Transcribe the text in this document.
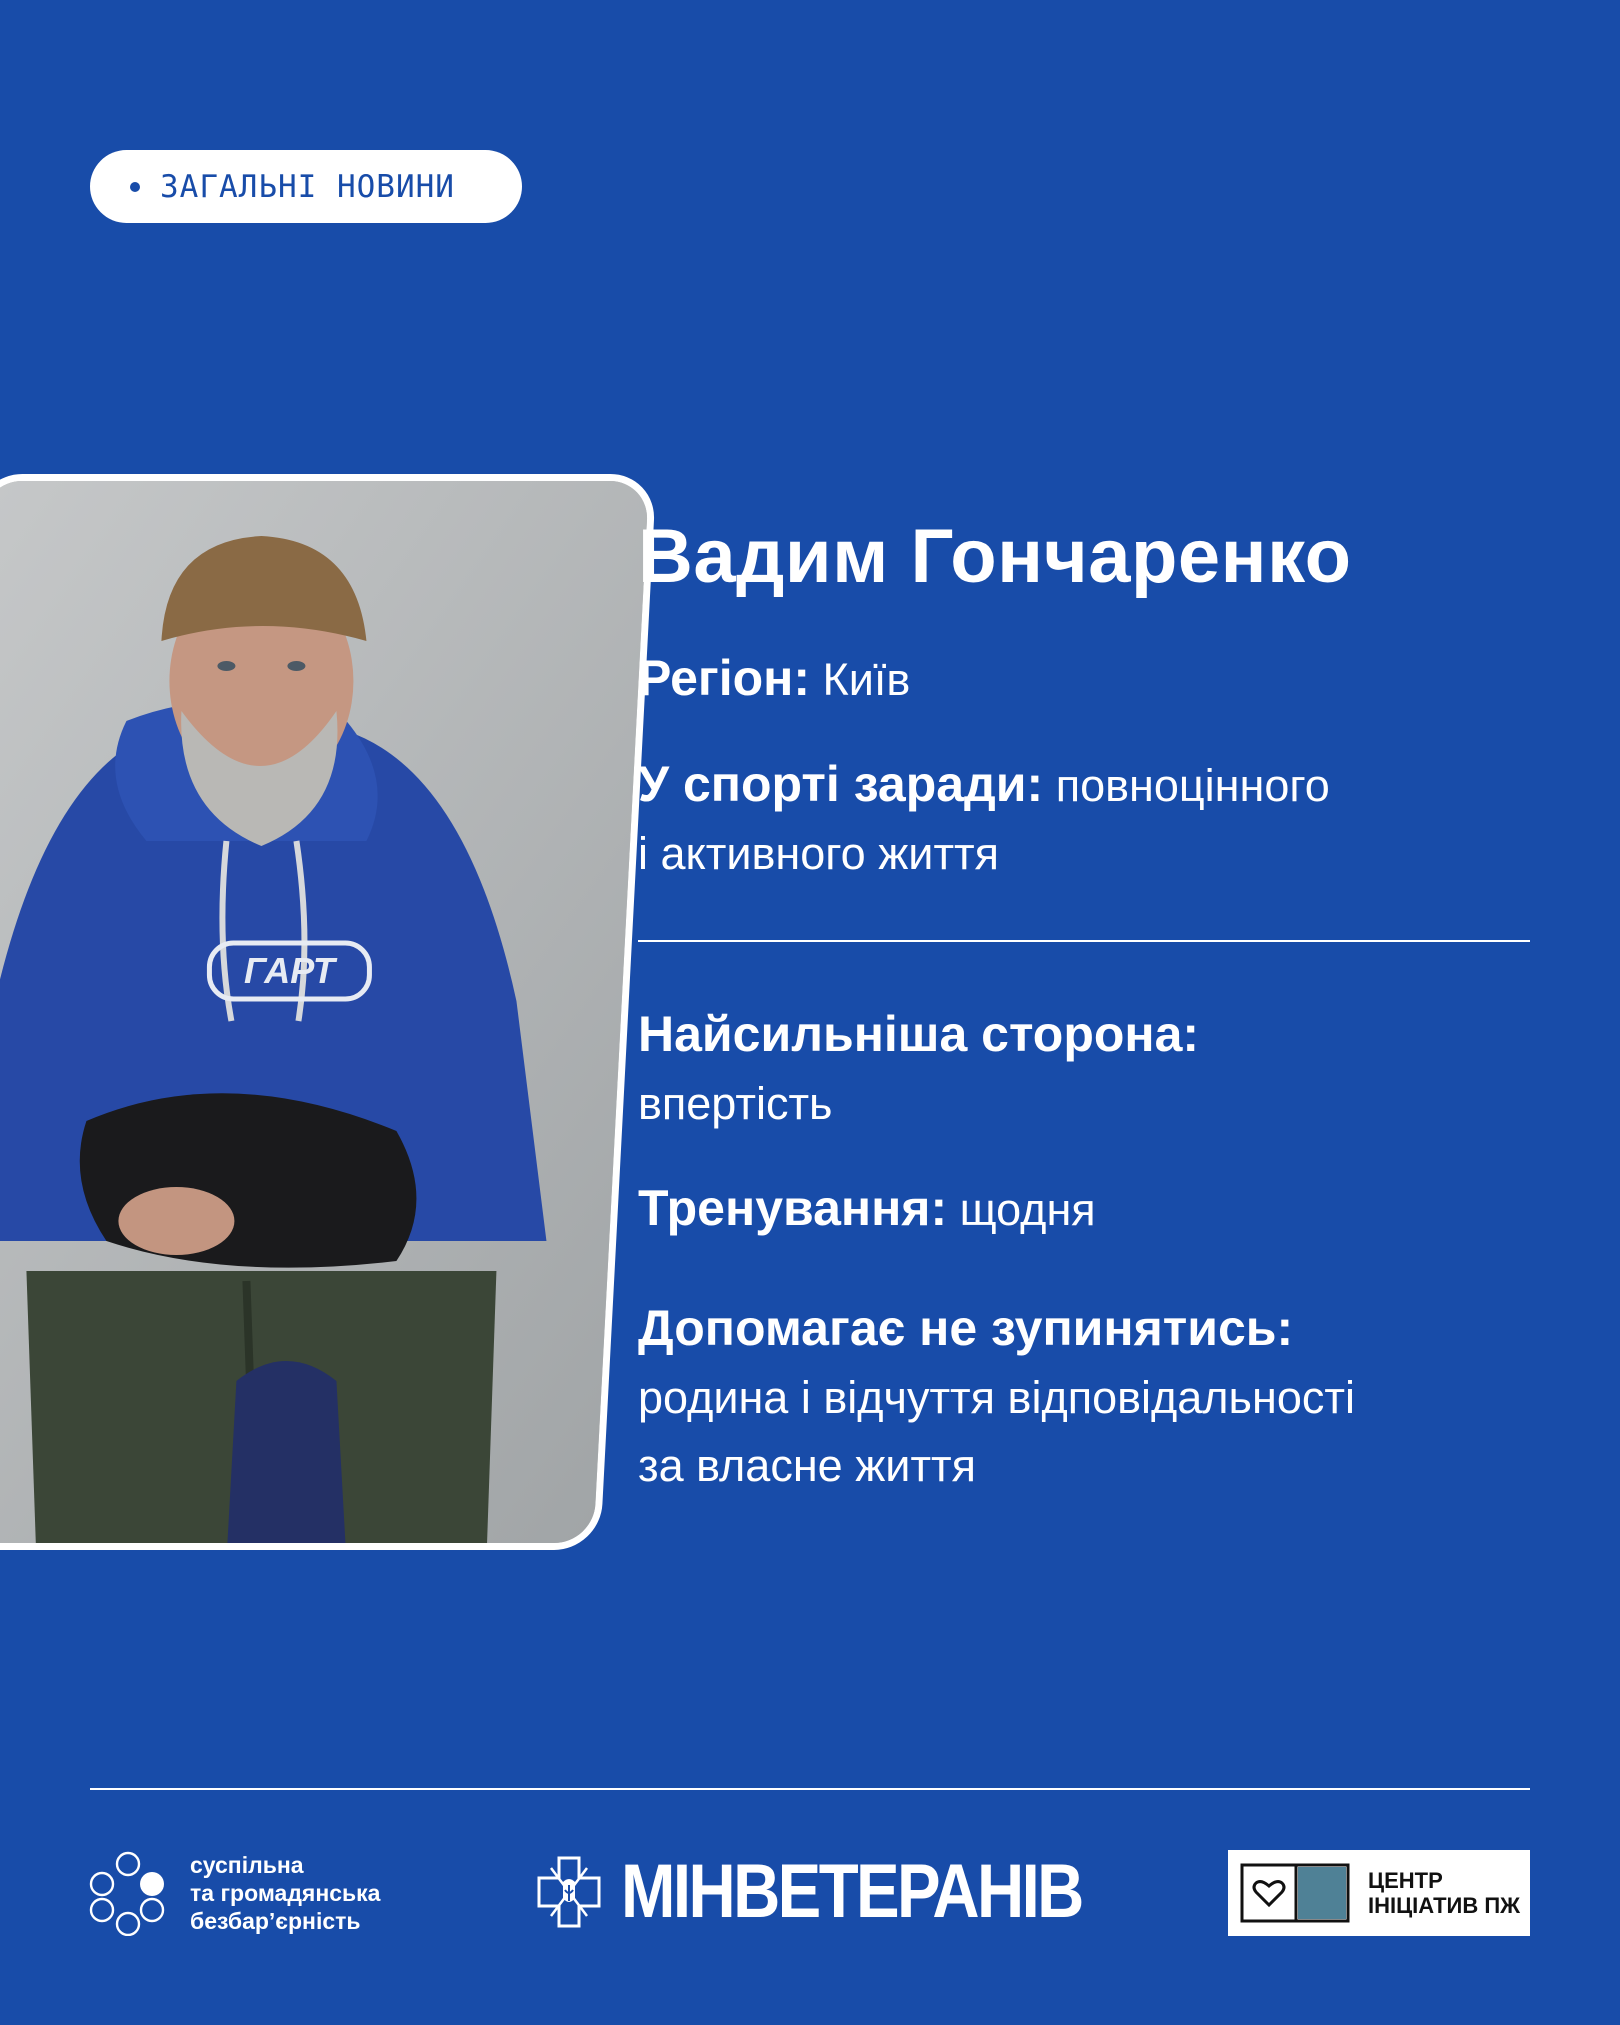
ЗАГАЛЬНІ НОВИНИ
ГАРТ
Вадим Гончаренко

Регіон: Київ

У спорті заради: повноцінного
і активного життя

Найсильніша сторона:
впертість

Тренування: щодня

Допомагає не зупинятись:
родина і відчуття відповідальності
за власне життя

суспільна
та громадянська
безбар’єрність	МІНВЕТЕРАНІВ	ЦЕНТР
ІНІЦІАТИВ ПЖ
